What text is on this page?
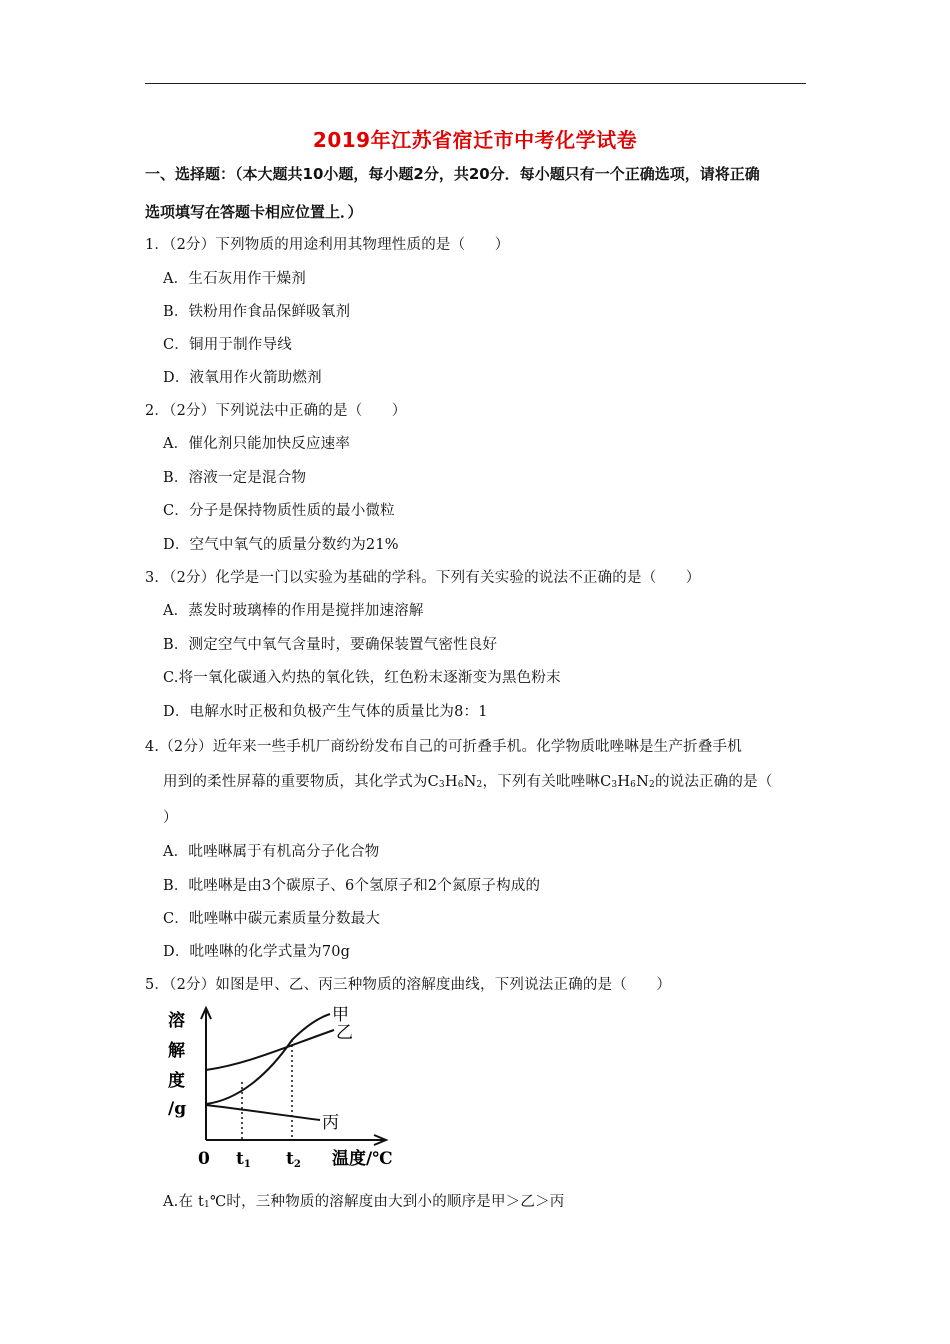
2019年江苏省宿迁市中考化学试卷
一、选择题：（本大题共10小题，每小题2分，共20分．每小题只有一个正确选项，请将正确
选项填写在答题卡相应位置上．）
1．（2分）下列物质的用途利用其物理性质的是（　　）
A．生石灰用作干燥剂
B．铁粉用作食品保鲜吸氧剂
C．铜用于制作导线
D．液氧用作火箭助燃剂
2．（2分）下列说法中正确的是（　　）
A．催化剂只能加快反应速率
B．溶液一定是混合物
C．分子是保持物质性质的最小微粒
D．空气中氧气的质量分数约为21%
3．（2分）化学是一门以实验为基础的学科。下列有关实验的说法不正确的是（　　）
A．蒸发时玻璃棒的作用是搅拌加速溶解
B．测定空气中氧气含量时，要确保装置气密性良好
C.将一氧化碳通入灼热的氧化铁，红色粉末逐渐变为黑色粉末
D．电解水时正极和负极产生气体的质量比为8：1
4.（2分）近年来一些手机厂商纷纷发布自己的可折叠手机。化学物质吡唑啉是生产折叠手机
用到的柔性屏幕的重要物质，其化学式为C3H6N2，下列有关吡唑啉C3H6N2的说法正确的是（
）
A．吡唑啉属于有机高分子化合物
B．吡唑啉是由3个碳原子、6个氢原子和2个氮原子构成的
C．吡唑啉中碳元素质量分数最大
D．吡唑啉的化学式量为70g
5．（2分）如图是甲、乙、丙三种物质的溶解度曲线，下列说法正确的是（　　）
甲
乙
丙
溶
解
度
/g
0 t1 t2 温度/℃
A.在 t1℃时，三种物质的溶解度由大到小的顺序是甲＞乙＞丙
